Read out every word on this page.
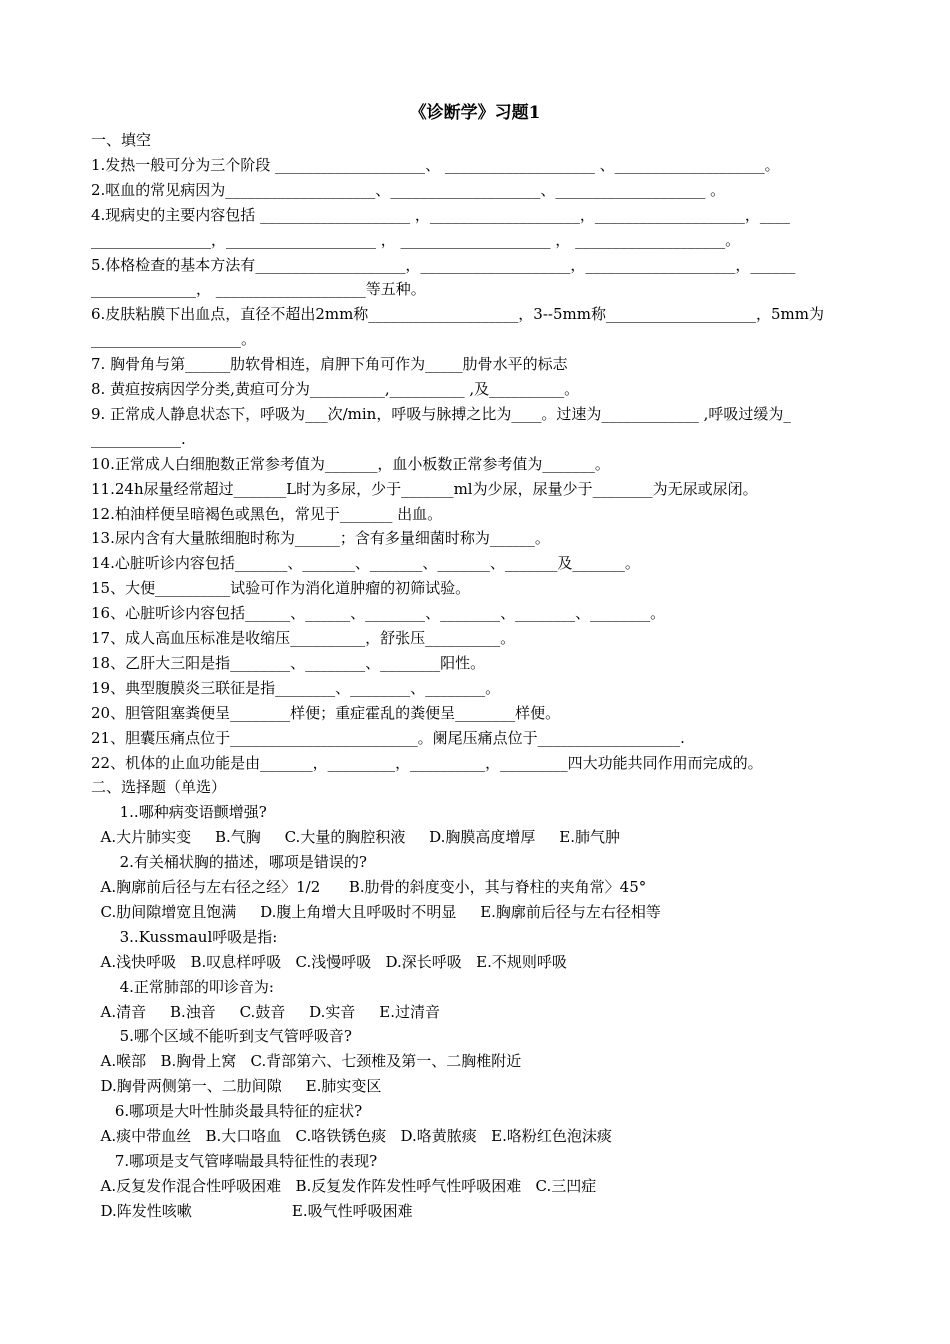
《诊断学》习题1
一、填空
1.发热一般可分为三个阶段 ____________________、 ____________________ 、____________________。
2.呕血的常见病因为____________________、____________________、____________________ 。
4.现病史的主要内容包括 ____________________ ，____________________，____________________，____
________________，____________________ ， ____________________ ， ____________________。
5.体格检查的基本方法有____________________，____________________，____________________，______
______________， ____________________等五种。
6.皮肤粘膜下出血点，直径不超出2mm称____________________，3--5mm称____________________，5mm为
____________________。
7. 胸骨角与第______肋软骨相连，肩胛下角可作为_____肋骨水平的标志
8. 黄疸按病因学分类,黄疸可分为__________,__________ ,及__________。
9. 正常成人静息状态下，呼吸为___次/min，呼吸与脉搏之比为____。过速为_____________ ,呼吸过缓为_
____________.
10.正常成人白细胞数正常参考值为_______，血小板数正常参考值为_______。
11.24h尿量经常超过_______L时为多尿，少于_______ml为少尿，尿量少于________为无尿或尿闭。
12.柏油样便呈暗褐色或黑色，常见于_______ 出血。
13.尿内含有大量脓细胞时称为______；含有多量细菌时称为______。
14.心脏听诊内容包括_______、_______、_______、_______、_______及_______。
15、大便__________试验可作为消化道肿瘤的初筛试验。
16、心脏听诊内容包括______、______、________、________、________、________。
17、成人高血压标准是收缩压__________，舒张压__________。
18、乙肝大三阳是指________、________、________阳性。
19、典型腹膜炎三联征是指________、________、________。
20、胆管阻塞粪便呈________样便；重症霍乱的粪便呈________样便。
21、胆囊压痛点位于_________________________。阑尾压痛点位于___________________.
22、机体的止血功能是由_______，_________，__________，_________四大功能共同作用而完成的。
二、选择题（单选）
1..哪种病变语颤增强?
A.大片肺实变     B.气胸     C.大量的胸腔积液     D.胸膜高度增厚     E.肺气肿
2.有关桶状胸的描述，哪项是错误的?
A.胸廓前后径与左右径之经〉1/2      B.肋骨的斜度变小，其与脊柱的夹角常〉45°
C.肋间隙增宽且饱满     D.腹上角增大且呼吸时不明显     E.胸廓前后径与左右径相等
3..Kussmaul呼吸是指:
A.浅快呼吸   B.叹息样呼吸   C.浅慢呼吸   D.深长呼吸   E.不规则呼吸
4.正常肺部的叩诊音为:
A.清音     B.浊音     C.鼓音     D.实音     E.过清音
5.哪个区域不能听到支气管呼吸音?
A.喉部   B.胸骨上窝   C.背部第六、七颈椎及第一、二胸椎附近
D.胸骨两侧第一、二肋间隙     E.肺实变区
6.哪项是大叶性肺炎最具特征的症状?
A.痰中带血丝   B.大口咯血   C.咯铁锈色痰   D.咯黄脓痰   E.咯粉红色泡沫痰
7.哪项是支气管哮喘最具特征性的表现?
A.反复发作混合性呼吸困难   B.反复发作阵发性呼气性呼吸困难   C.三凹症
D.阵发性咳嗽                     E.吸气性呼吸困难
